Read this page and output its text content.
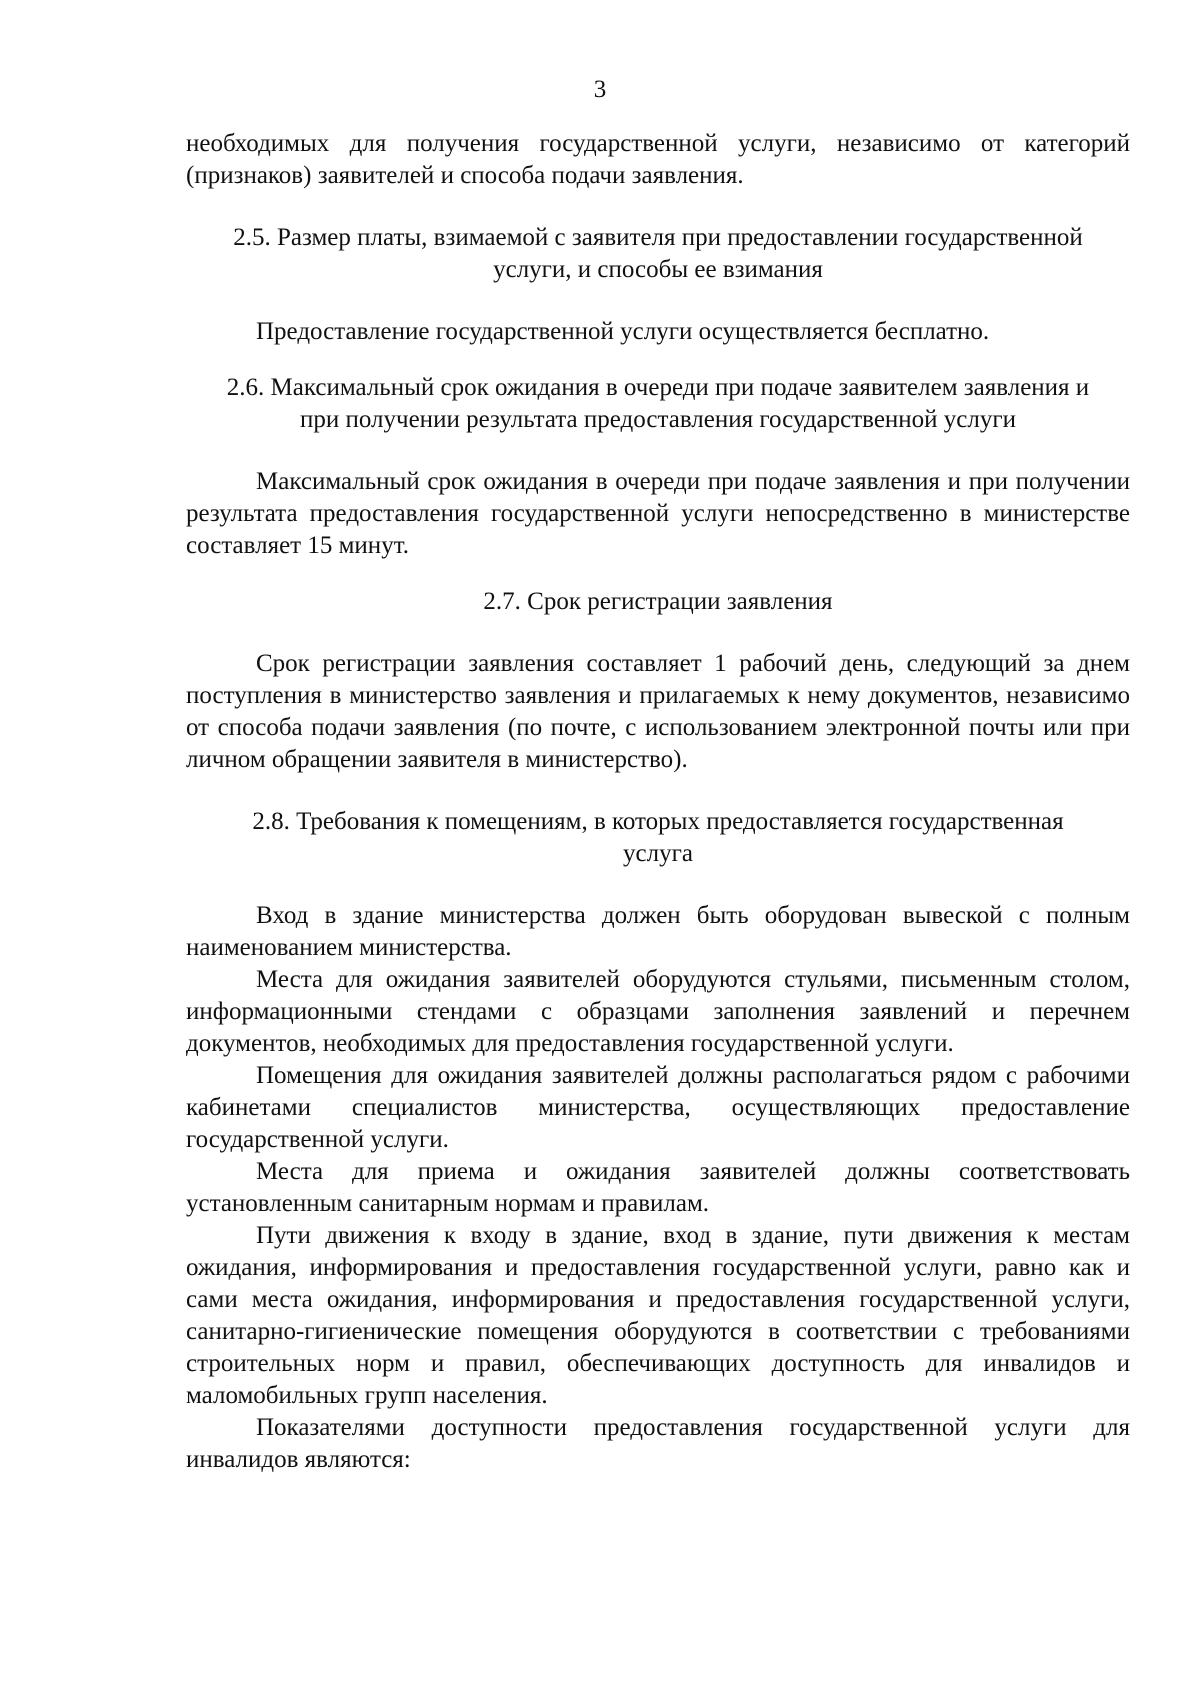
3

необходимых для получения государственной услуги, независимо от категорий (признаков) заявителей и способа подачи заявления.

2.5. Размер платы, взимаемой с заявителя при предоставлении государственной услуги, и способы ее взимания

Предоставление государственной услуги осуществляется бесплатно.

2.6. Максимальный срок ожидания в очереди при подаче заявителем заявления и при получении результата предоставления государственной услуги

Максимальный срок ожидания в очереди при подаче заявления и при получении результата предоставления государственной услуги непосредственно в министерстве составляет 15 минут.

2.7. Срок регистрации заявления

Срок регистрации заявления составляет 1 рабочий день, следующий за днем поступления в министерство заявления и прилагаемых к нему документов, независимо от способа подачи заявления (по почте, с использованием электронной почты или при личном обращении заявителя в министерство).

2.8. Требования к помещениям, в которых предоставляется государственная услуга

Вход в здание министерства должен быть оборудован вывеской с полным наименованием министерства.

Места для ожидания заявителей оборудуются стульями, письменным столом, информационными стендами с образцами заполнения заявлений и перечнем документов, необходимых для предоставления государственной услуги.

Помещения для ожидания заявителей должны располагаться рядом с рабочими кабинетами специалистов министерства, осуществляющих предоставление государственной услуги.

Места для приема и ожидания заявителей должны соответствовать установленным санитарным нормам и правилам.

Пути движения к входу в здание, вход в здание, пути движения к местам ожидания, информирования и предоставления государственной услуги, равно как и сами места ожидания, информирования и предоставления государственной услуги, санитарно-гигиенические помещения оборудуются в соответствии с требованиями строительных норм и правил, обеспечивающих доступность для инвалидов и маломобильных групп населения.

Показателями доступности предоставления государственной услуги для инвалидов являются:
